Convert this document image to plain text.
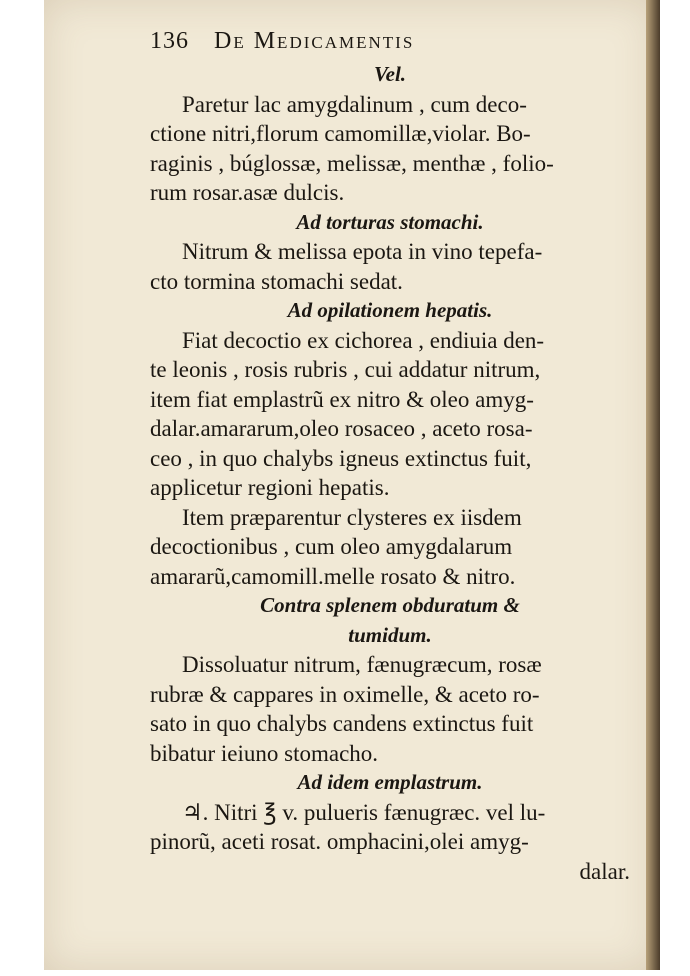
136 De Medicamentis
Vel.
Paretur lac amygdalinum , cum deco-
ctione nitri,florum camomillæ,violar. Bo-
raginis , búglossæ, melissæ, menthæ , folio-
rum rosar.asæ dulcis.
Ad torturas stomachi.
Nitrum & melissa epota in vino tepefa-
cto tormina stomachi sedat.
Ad opilationem hepatis.
Fiat decoctio ex cichorea , endiuia den-
te leonis , rosis rubris , cui addatur nitrum,
item fiat emplastrũ ex nitro & oleo amyg-
dalar.amararum,oleo rosaceo , aceto rosa-
ceo , in quo chalybs igneus extinctus fuit,
applicetur regioni hepatis.
Item præparentur clysteres ex iisdem
decoctionibus , cum oleo amygdalarum
amararũ,camomill.melle rosato & nitro.
Contra splenem obduratum &
tumidum.
Dissoluatur nitrum, fænugræcum, rosæ
rubræ & cappares in oximelle, & aceto ro-
sato in quo chalybs candens extinctus fuit
bibatur ieiuno stomacho.
Ad idem emplastrum.
♃. Nitri ℥ v. pulueris fænugræc. vel lu-
pinorũ, aceti rosat. omphacini,olei amyg-
dalar.
